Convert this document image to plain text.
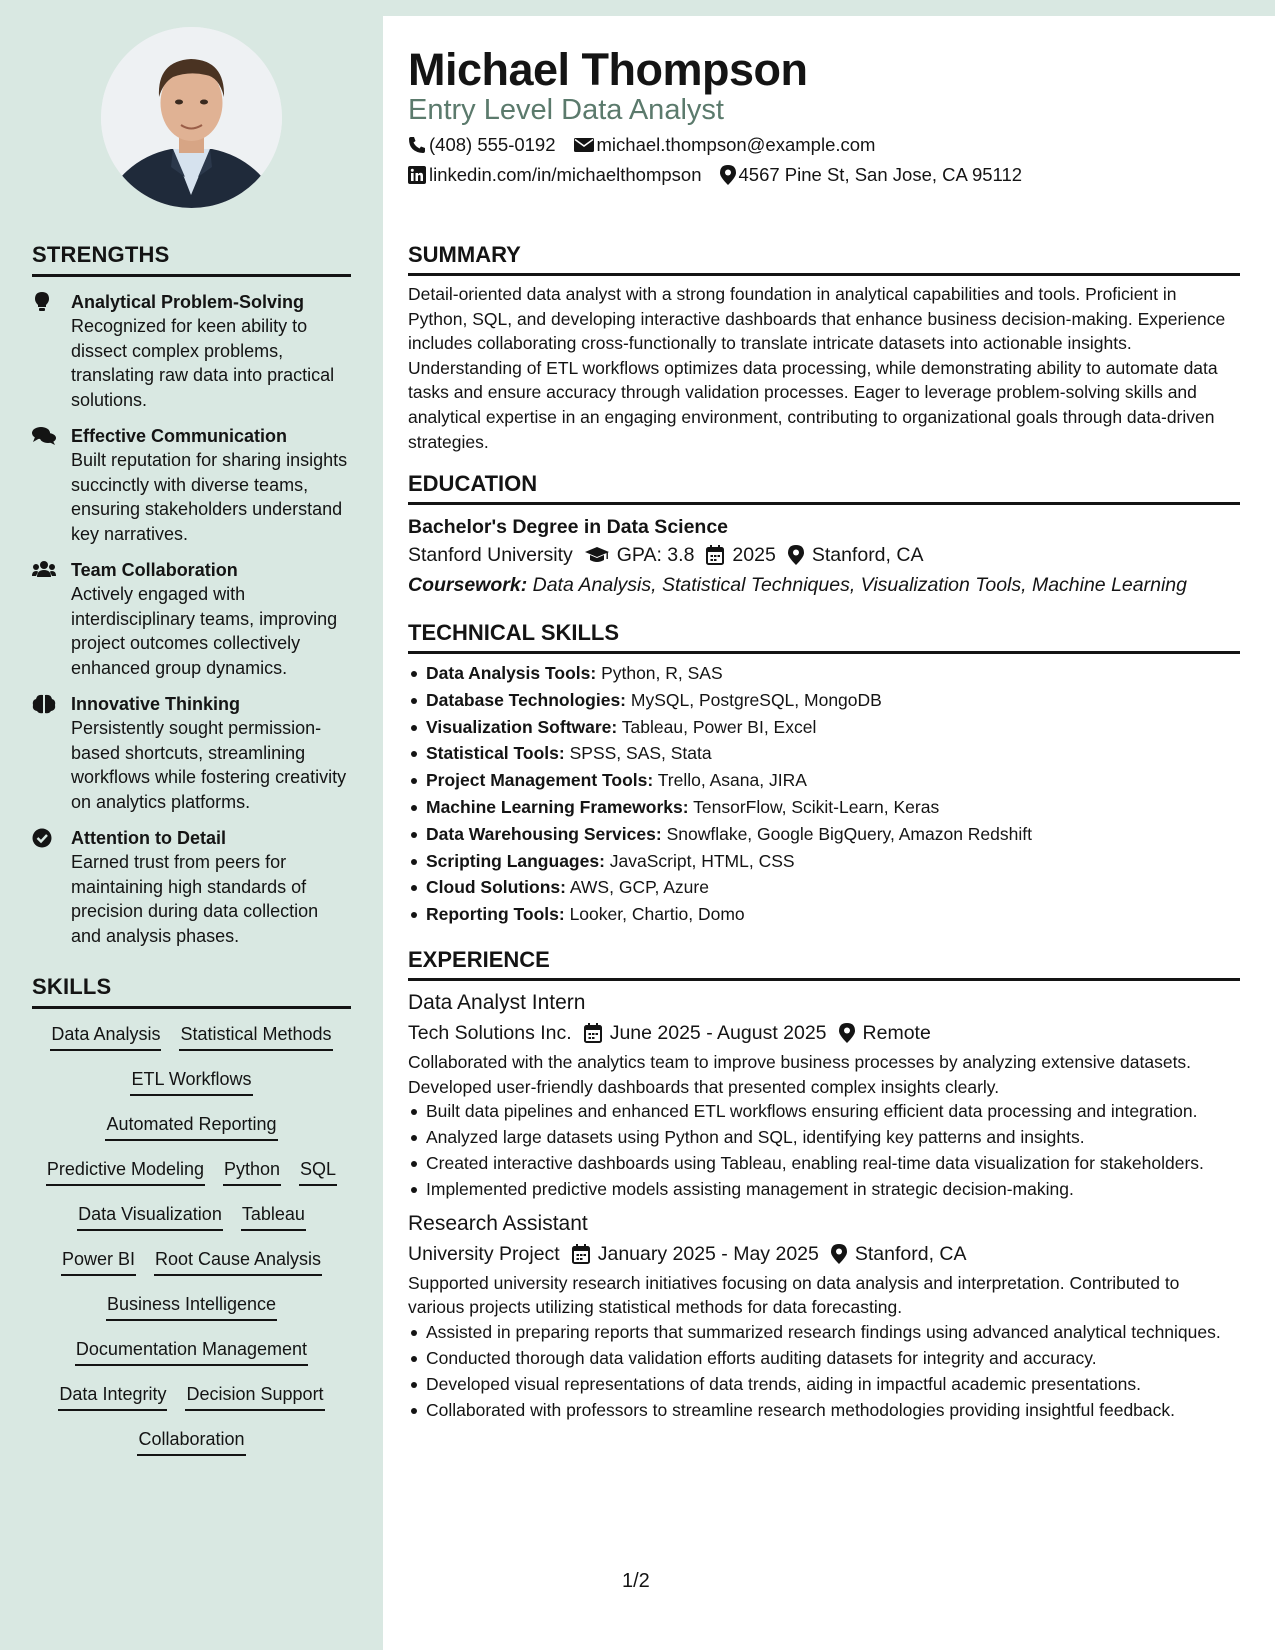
STRENGTHS
Analytical Problem-Solving
Recognized for keen ability to dissect complex problems, translating raw data into practical solutions.
Effective Communication
Built reputation for sharing insights succinctly with diverse teams, ensuring stakeholders understand key narratives.
Team Collaboration
Actively engaged with interdisciplinary teams, improving project outcomes collectively enhanced group dynamics.
Innovative Thinking
Persistently sought permission-based shortcuts, streamlining workflows while fostering creativity on analytics platforms.
Attention to Detail
Earned trust from peers for maintaining high standards of precision during data collection and analysis phases.
SKILLS
Data Analysis Statistical Methods
ETL Workflows
Automated Reporting
Predictive Modeling Python SQL
Data Visualization Tableau
Power BI Root Cause Analysis
Business Intelligence
Documentation Management
Data Integrity Decision Support
Collaboration
Michael Thompson
Entry Level Data Analyst
(408) 555-0192 michael.thompson@example.com
linkedin.com/in/michaelthompson 4567 Pine St, San Jose, CA 95112
SUMMARY
Detail-oriented data analyst with a strong foundation in analytical capabilities and tools. Proficient in Python, SQL, and developing interactive dashboards that enhance business decision-making. Experience includes collaborating cross-functionally to translate intricate datasets into actionable insights. Understanding of ETL workflows optimizes data processing, while demonstrating ability to automate data tasks and ensure accuracy through validation processes. Eager to leverage problem-solving skills and analytical expertise in an engaging environment, contributing to organizational goals through data-driven strategies.
EDUCATION
Bachelor's Degree in Data Science
Stanford University GPA: 3.8 2025 Stanford, CA
Coursework: Data Analysis, Statistical Techniques, Visualization Tools, Machine Learning
TECHNICAL SKILLS
Data Analysis Tools: Python, R, SAS
Database Technologies: MySQL, PostgreSQL, MongoDB
Visualization Software: Tableau, Power BI, Excel
Statistical Tools: SPSS, SAS, Stata
Project Management Tools: Trello, Asana, JIRA
Machine Learning Frameworks: TensorFlow, Scikit-Learn, Keras
Data Warehousing Services: Snowflake, Google BigQuery, Amazon Redshift
Scripting Languages: JavaScript, HTML, CSS
Cloud Solutions: AWS, GCP, Azure
Reporting Tools: Looker, Chartio, Domo
EXPERIENCE
Data Analyst Intern
Tech Solutions Inc. June 2025 - August 2025 Remote
Collaborated with the analytics team to improve business processes by analyzing extensive datasets. Developed user-friendly dashboards that presented complex insights clearly.
Built data pipelines and enhanced ETL workflows ensuring efficient data processing and integration.
Analyzed large datasets using Python and SQL, identifying key patterns and insights.
Created interactive dashboards using Tableau, enabling real-time data visualization for stakeholders.
Implemented predictive models assisting management in strategic decision-making.
Research Assistant
University Project January 2025 - May 2025 Stanford, CA
Supported university research initiatives focusing on data analysis and interpretation. Contributed to various projects utilizing statistical methods for data forecasting.
Assisted in preparing reports that summarized research findings using advanced analytical techniques.
Conducted thorough data validation efforts auditing datasets for integrity and accuracy.
Developed visual representations of data trends, aiding in impactful academic presentations.
Collaborated with professors to streamline research methodologies providing insightful feedback.
1/2
